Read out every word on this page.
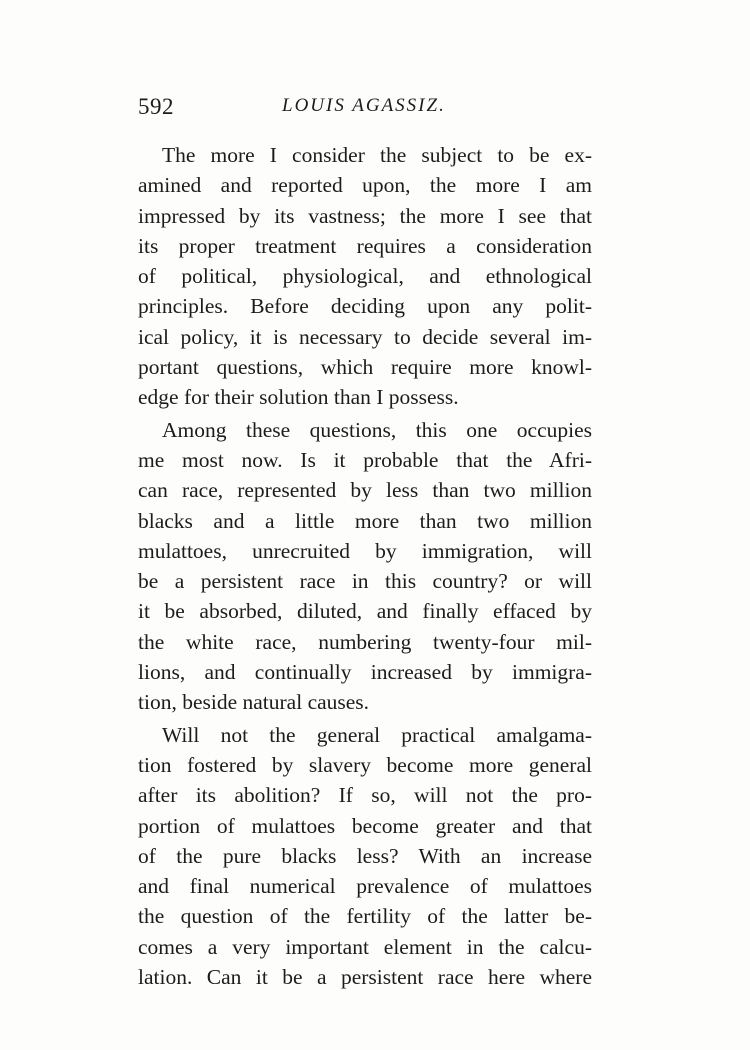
592	LOUIS AGASSIZ.
The more I consider the subject to be ex-
amined and reported upon, the more I am
impressed by its vastness; the more I see that
its proper treatment requires a consideration
of political, physiological, and ethnological
principles. Before deciding upon any polit-
ical policy, it is necessary to decide several im-
portant questions, which require more knowl-
edge for their solution than I possess.
Among these questions, this one occupies
me most now. Is it probable that the Afri-
can race, represented by less than two million
blacks and a little more than two million
mulattoes, unrecruited by immigration, will
be a persistent race in this country? or will
it be absorbed, diluted, and finally effaced by
the white race, numbering twenty-four mil-
lions, and continually increased by immigra-
tion, beside natural causes.
Will not the general practical amalgama-
tion fostered by slavery become more general
after its abolition? If so, will not the pro-
portion of mulattoes become greater and that
of the pure blacks less? With an increase
and final numerical prevalence of mulattoes
the question of the fertility of the latter be-
comes a very important element in the calcu-
lation. Can it be a persistent race here where
